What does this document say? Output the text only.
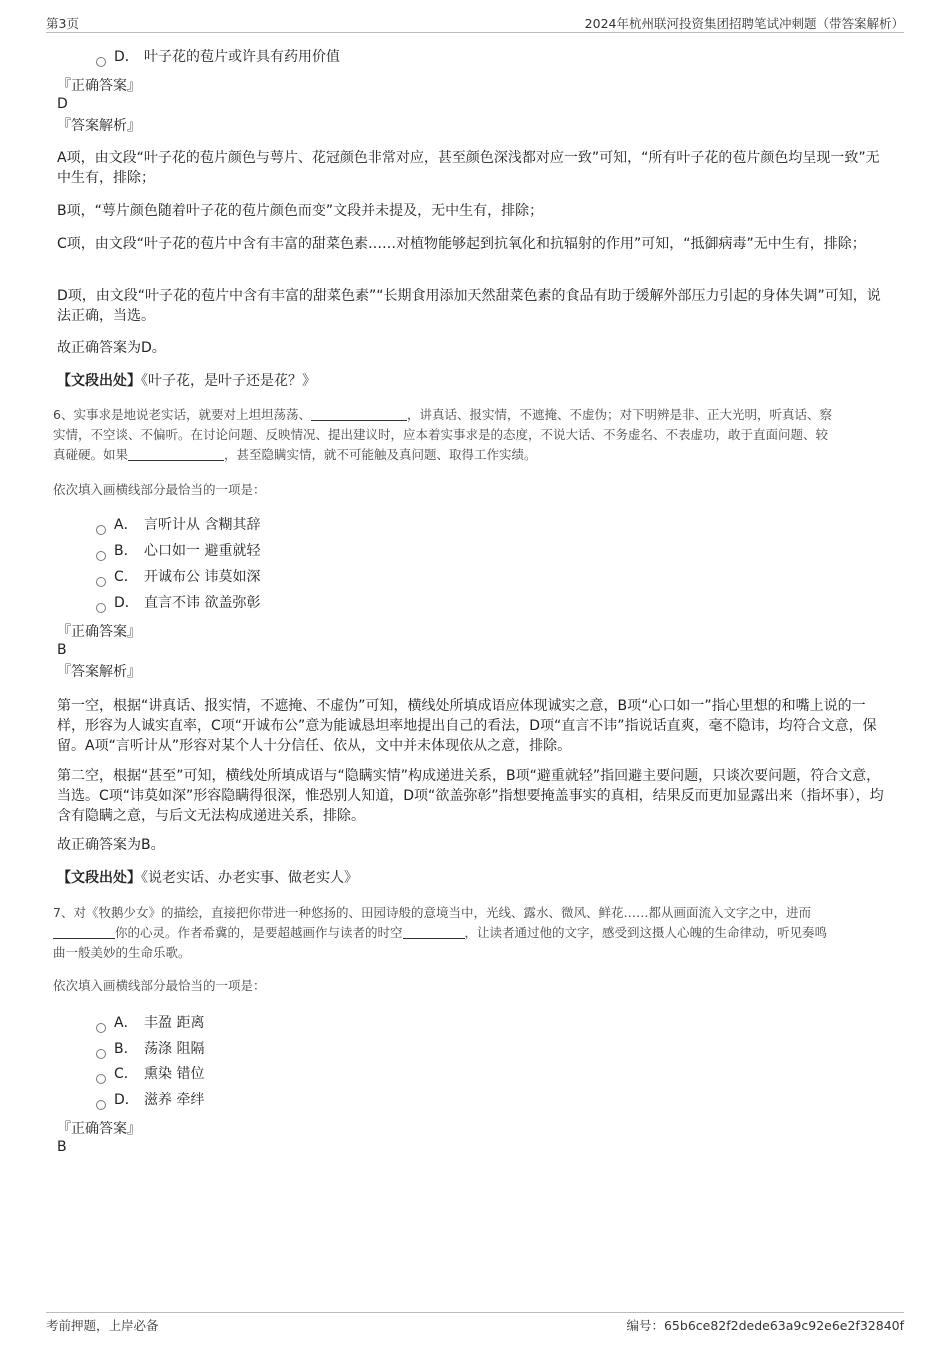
第3页	2024年杭州联河投资集团招聘笔试冲刺题（带答案解析）
D． 叶子花的苞片或许具有药用价值
『正确答案』
D
『答案解析』
A项，由文段“叶子花的苞片颜色与萼片、花冠颜色非常对应，甚至颜色深浅都对应一致”可知，“所有叶子花的苞片颜色均呈现一致”无中生有，排除；
B项，“萼片颜色随着叶子花的苞片颜色而变”文段并未提及，无中生有，排除；
C项，由文段“叶子花的苞片中含有丰富的甜菜色素……对植物能够起到抗氧化和抗辐射的作用”可知，“抵御病毒”无中生有，排除；
D项，由文段“叶子花的苞片中含有丰富的甜菜色素”“长期食用添加天然甜菜色素的食品有助于缓解外部压力引起的身体失调”可知，说法正确，当选。
故正确答案为D。
【文段出处】《叶子花，是叶子还是花？》
6、实事求是地说老实话，就要对上坦坦荡荡、	，讲真话、报实情，不遮掩、不虚伪；对下明辨是非、正大光明，听真话、察
实情，不空谈、不偏听。在讨论问题、反映情况、提出建议时，应本着实事求是的态度，不说大话、不务虚名、不表虚功，敢于直面问题、较
真碰硬。如果	，甚至隐瞒实情，就不可能触及真问题、取得工作实绩。
依次填入画横线部分最恰当的一项是：
A． 言听计从 含糊其辞
B． 心口如一 避重就轻
C． 开诚布公 讳莫如深
D． 直言不讳 欲盖弥彰
『正确答案』
B
『答案解析』
第一空，根据“讲真话、报实情，不遮掩、不虚伪”可知，横线处所填成语应体现诚实之意，B项“心口如一”指心里想的和嘴上说的一样，形容为人诚实直率，C项“开诚布公”意为能诚恳坦率地提出自己的看法，D项“直言不讳”指说话直爽，毫不隐讳，均符合文意，保留。A项“言听计从”形容对某个人十分信任、依从，文中并未体现依从之意，排除。
第二空，根据“甚至”可知，横线处所填成语与“隐瞒实情”构成递进关系，B项“避重就轻”指回避主要问题，只谈次要问题，符合文意，当选。C项“讳莫如深”形容隐瞒得很深，惟恐别人知道，D项“欲盖弥彰”指想要掩盖事实的真相，结果反而更加显露出来（指坏事），均含有隐瞒之意，与后文无法构成递进关系，排除。
故正确答案为B。
【文段出处】《说老实话、办老实事、做老实人》
7、对《牧鹅少女》的描绘，直接把你带进一种悠扬的、田园诗般的意境当中，光线、露水、微风、鲜花……都从画面流入文字之中，进而
你的心灵。作者希冀的，是要超越画作与读者的时空	，让读者通过他的文字，感受到这摄人心魄的生命律动，听见奏鸣
曲一般美妙的生命乐歌。
依次填入画横线部分最恰当的一项是：
A． 丰盈 距离
B． 荡涤 阻隔
C． 熏染 错位
D． 滋养 牵绊
『正确答案』
B
考前押题，上岸必备	编号：65b6ce82f2dede63a9c92e6e2f32840f
